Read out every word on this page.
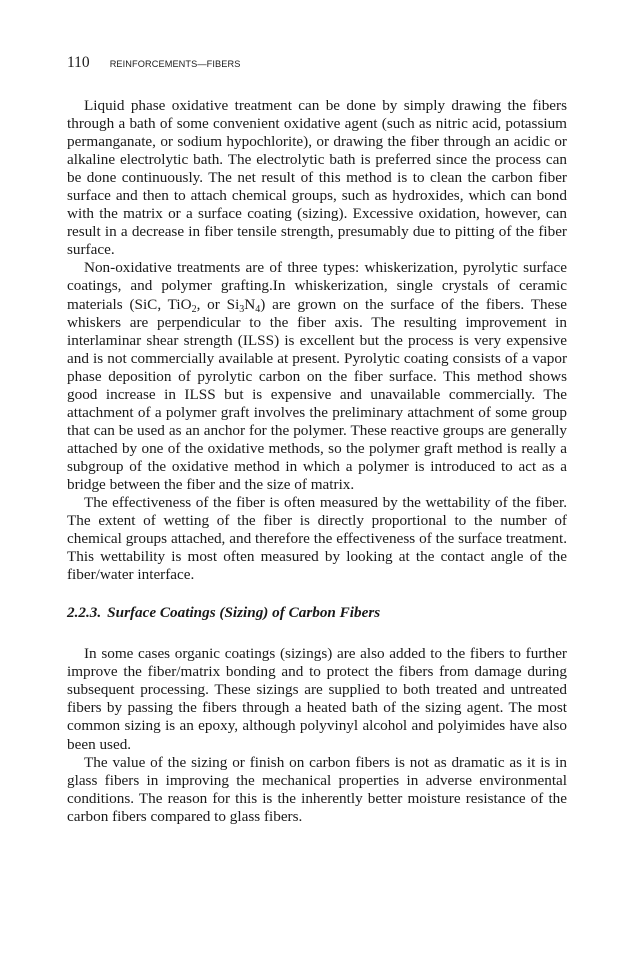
110 REINFORCEMENTS—FIBERS

Liquid phase oxidative treatment can be done by simply drawing the fibers through a bath of some convenient oxidative agent (such as nitric acid, potassium permanganate, or sodium hypochlorite), or drawing the fiber through an acidic or alkaline electrolytic bath. The electrolytic bath is preferred since the process can be done continuously. The net result of this method is to clean the carbon fiber surface and then to attach chemical groups, such as hydroxides, which can bond with the matrix or a surface coating (sizing). Excessive oxidation, however, can result in a decrease in fiber tensile strength, presumably due to pitting of the fiber surface.

Non-oxidative treatments are of three types: whiskerization, pyrolytic surface coatings, and polymer grafting.In whiskerization, single crystals of ceramic materials (SiC, TiO$_2$, or $Si_3N_4$) are grown on the surface of the fibers. These whiskers are perpendicular to the fiber axis. The resulting improvement in interlaminar shear strength (ILSS) is excellent but the process is very expensive and is not commercially available at present. Pyrolytic coating consists of a vapor phase deposition of pyrolytic carbon on the fiber surface. This method shows good increase in ILSS but is expensive and unavailable commercially. The attachment of a polymer graft involves the preliminary attachment of some group that can be used as an anchor for the polymer. These reactive groups are generally attached by one of the oxidative methods, so the polymer graft method is really a subgroup of the oxidative method in which a polymer is introduced to act as a bridge between the fiber and the size of matrix.

The effectiveness of the fiber is often measured by the wettability of the fiber. The extent of wetting of the fiber is directly proportional to the number of chemical groups attached, and therefore the effectiveness of the surface treatment. This wettability is most often measured by looking at the contact angle of the fiber/water interface.

2.2.3. Surface Coatings (Sizing) of Carbon Fibers

In some cases organic coatings (sizings) are also added to the fibers to further improve the fiber/matrix bonding and to protect the fibers from damage during subsequent processing. These sizings are supplied to both treated and untreated fibers by passing the fibers through a heated bath of the sizing agent. The most common sizing is an epoxy, although polyvinyl alcohol and polyimides have also been used.

The value of the sizing or finish on carbon fibers is not as dramatic as it is in glass fibers in improving the mechanical properties in adverse environmental conditions. The reason for this is the inherently better moisture resistance of the carbon fibers compared to glass fibers.
